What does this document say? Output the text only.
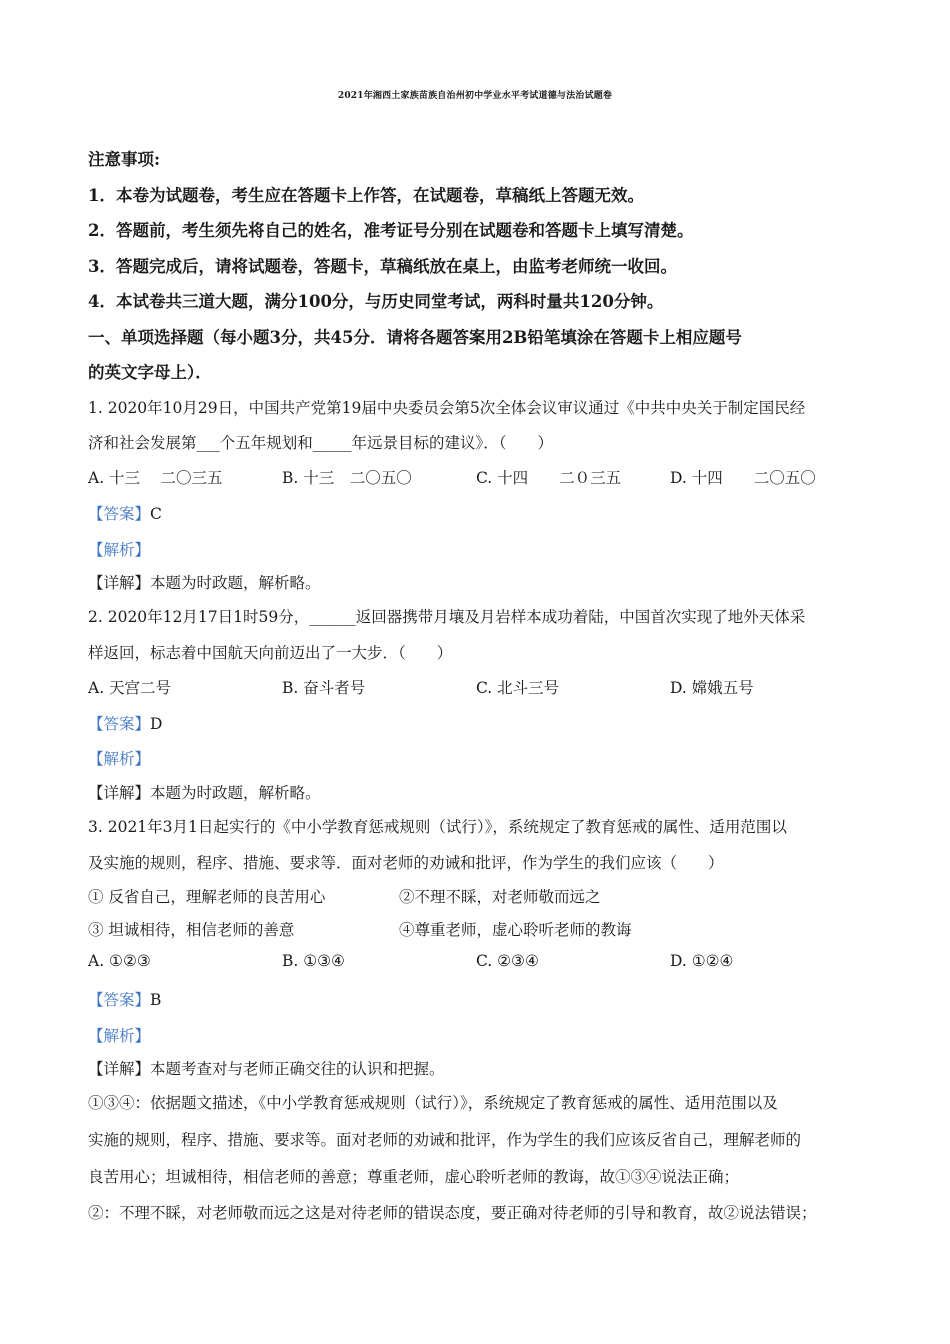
2021年湘西土家族苗族自治州初中学业水平考试道德与法治试题卷
注意事项:
1．本卷为试题卷，考生应在答题卡上作答，在试题卷，草稿纸上答题无效。
2．答题前，考生须先将自己的姓名，准考证号分别在试题卷和答题卡上填写清楚。
3．答题完成后，请将试题卷，答题卡，草稿纸放在桌上，由监考老师统一收回。
4．本试卷共三道大题，满分100分，与历史同堂考试，两科时量共120分钟。
一、单项选择题（每小题3分，共45分．请将各题答案用2B铅笔填涂在答题卡上相应题号
的英文字母上）．
1. 2020年10月29日，中国共产党第19届中央委员会第5次全体会议审议通过《中共中央关于制定国民经
济和社会发展第___个五年规划和_____年远景目标的建议》．（　　）
A. 十三　 二〇三五	B. 十三　二〇五〇	C. 十四　　二０三五	D. 十四　　二〇五〇
【答案】C
【解析】
【详解】本题为时政题，解析略。
2. 2020年12月17日1时59分，______返回器携带月壤及月岩样本成功着陆，中国首次实现了地外天体采
样返回，标志着中国航天向前迈出了一大步．（　　）
A. 天宫二号	B. 奋斗者号	C. 北斗三号	D. 嫦娥五号
【答案】D
【解析】
【详解】本题为时政题，解析略。
3. 2021年3月1日起实行的《中小学教育惩戒规则（试行）》，系统规定了教育惩戒的属性、适用范围以
及实施的规则，程序、措施、要求等．面对老师的劝诫和批评，作为学生的我们应该（　　）
① 反省自己，理解老师的良苦用心	②不理不睬，对老师敬而远之
③ 坦诚相待，相信老师的善意	④尊重老师，虚心聆听老师的教诲
A. ①②③	B. ①③④	C. ②③④	D. ①②④
【答案】B
【解析】
【详解】本题考查对与老师正确交往的认识和把握。
①③④：依据题文描述，《中小学教育惩戒规则（试行）》，系统规定了教育惩戒的属性、适用范围以及
实施的规则，程序、措施、要求等。面对老师的劝诫和批评，作为学生的我们应该反省自己，理解老师的
良苦用心；坦诚相待，相信老师的善意；尊重老师，虚心聆听老师的教诲，故①③④说法正确；
②：不理不睬，对老师敬而远之这是对待老师的错误态度，要正确对待老师的引导和教育，故②说法错误；
